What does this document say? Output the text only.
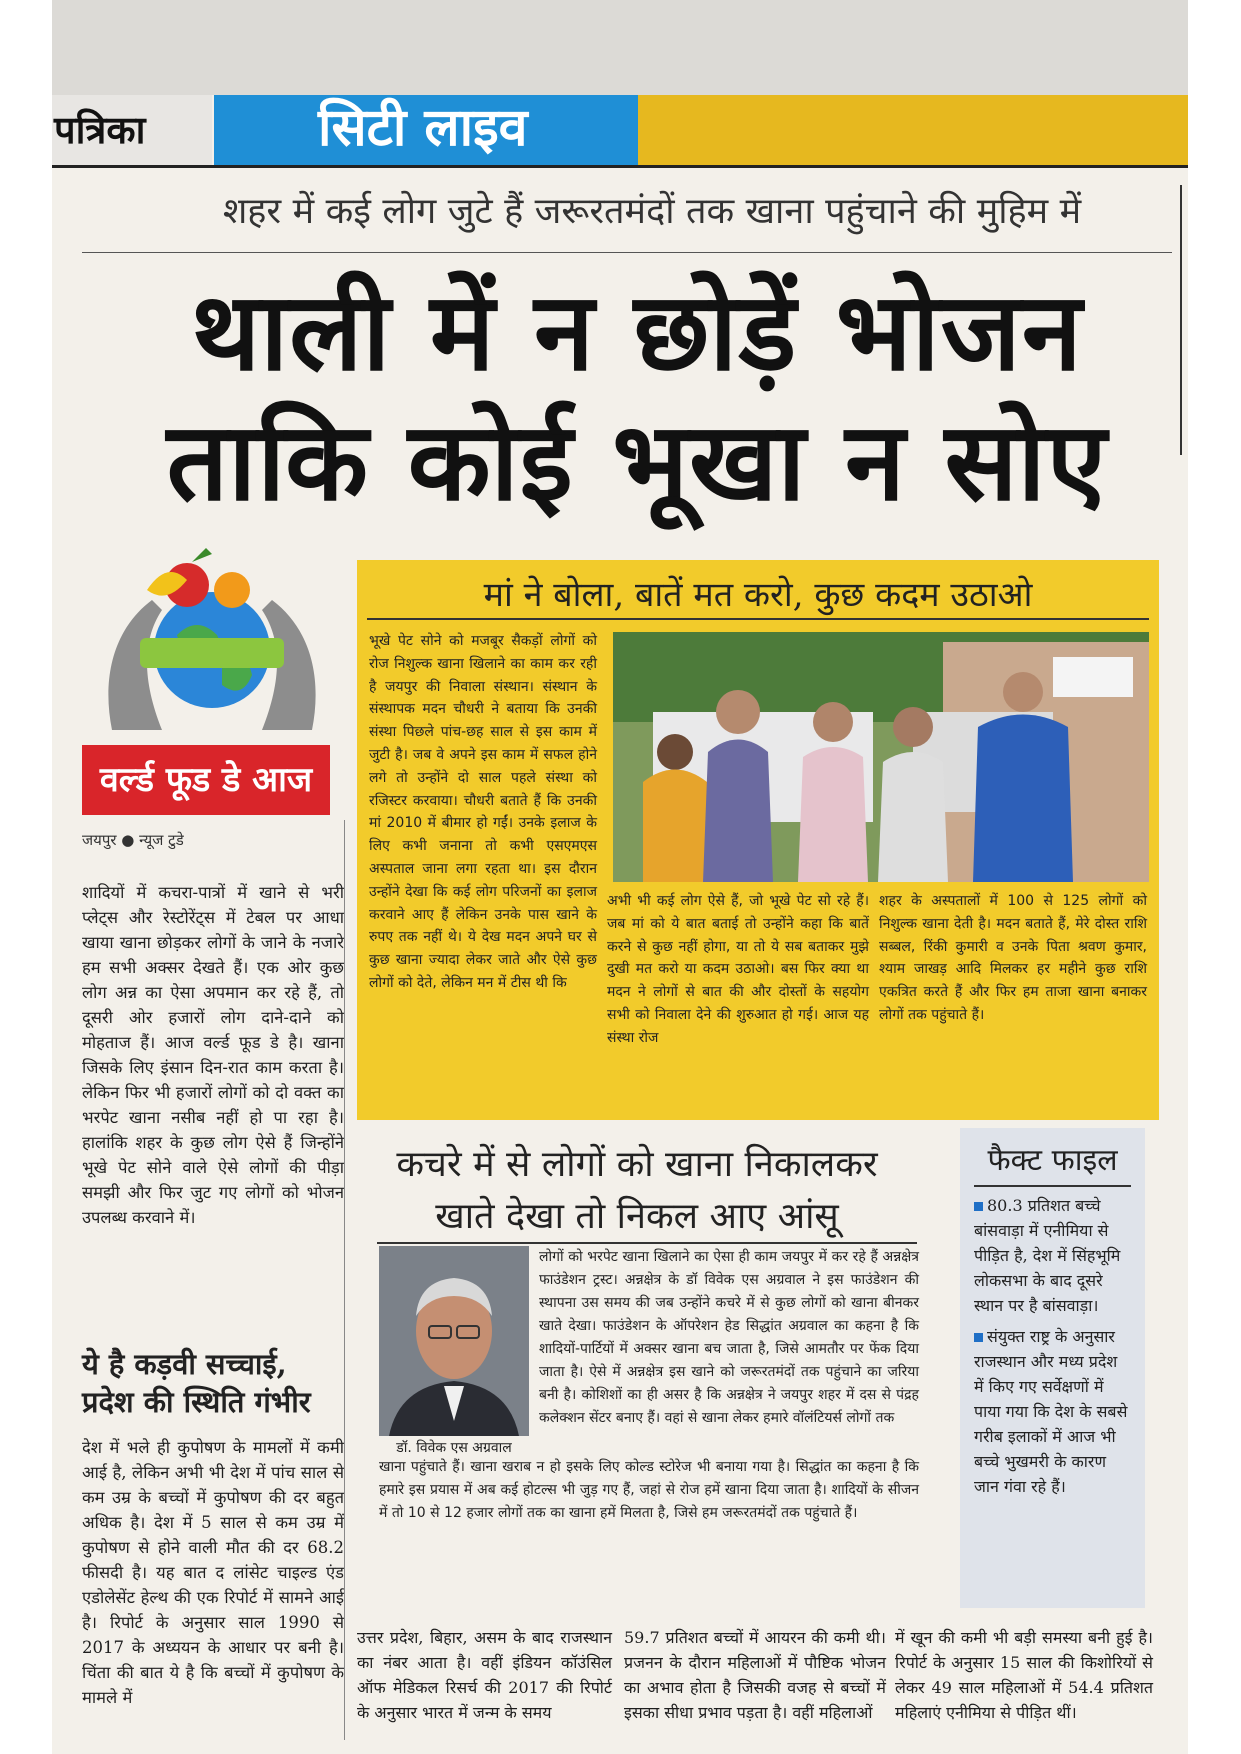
पत्रिका	सिटी लाइव
शहर में कई लोग जुटे हैं जरूरतमंदों तक खाना पहुंचाने की मुहिम में
थाली में न छोड़ें भोजन
ताकि कोई भूखा न सोए
वर्ल्ड फूड डे आज
जयपुर ● न्यूज टुडे
शादियों में कचरा-पात्रों में खाने से भरी प्लेट्स और रेस्टोरेंट्स में टेबल पर आधा खाया खाना छोड़कर लोगों के जाने के नजारे हम सभी अक्सर देखते हैं। एक ओर कुछ लोग अन्न का ऐसा अपमान कर रहे हैं, तो दूसरी ओर हजारों लोग दाने-दाने को मोहताज हैं। आज वर्ल्ड फूड डे है। खाना जिसके लिए इंसान दिन-रात काम करता है। लेकिन फिर भी हजारों लोगों को दो वक्त का भरपेट खाना नसीब नहीं हो पा रहा है। हालांकि शहर के कुछ लोग ऐसे हैं जिन्होंने भूखे पेट सोने वाले ऐसे लोगों की पीड़ा समझी और फिर जुट गए लोगों को भोजन उपलब्ध करवाने में।
ये है कड़वी सच्चाई, प्रदेश की स्थिति गंभीर
देश में भले ही कुपोषण के मामलों में कमी आई है, लेकिन अभी भी देश में पांच साल से कम उम्र के बच्चों में कुपोषण की दर बहुत अधिक है। देश में 5 साल से कम उम्र में कुपोषण से होने वाली मौत की दर 68.2 फीसदी है। यह बात द लांसेट चाइल्ड एंड एडोलेसेंट हेल्थ की एक रिपोर्ट में सामने आई है। रिपोर्ट के अनुसार साल 1990 से 2017 के अध्ययन के आधार पर बनी है। चिंता की बात ये है कि बच्चों में कुपोषण के मामले में
मां ने बोला, बातें मत करो, कुछ कदम उठाओ
भूखे पेट सोने को मजबूर सैकड़ों लोगों को रोज निशुल्क खाना खिलाने का काम कर रही है जयपुर की निवाला संस्थान। संस्थान के संस्थापक मदन चौधरी ने बताया कि उनकी संस्था पिछले पांच-छह साल से इस काम में जुटी है। जब वे अपने इस काम में सफल होने लगे तो उन्होंने दो साल पहले संस्था को रजिस्टर करवाया। चौधरी बताते हैं कि उनकी मां 2010 में बीमार हो गईं। उनके इलाज के लिए कभी जनाना तो कभी एसएमएस अस्पताल जाना लगा रहता था। इस दौरान उन्होंने देखा कि कई लोग परिजनों का इलाज करवाने आए हैं लेकिन उनके पास खाने के रुपए तक नहीं थे। ये देख मदन अपने घर से कुछ खाना ज्यादा लेकर जाते और ऐसे कुछ लोगों को देते, लेकिन मन में टीस थी कि
अभी भी कई लोग ऐसे हैं, जो भूखे पेट सो रहे हैं। जब मां को ये बात बताई तो उन्होंने कहा कि बातें करने से कुछ नहीं होगा, या तो ये सब बताकर मुझे दुखी मत करो या कदम उठाओ। बस फिर क्या था मदन ने लोगों से बात की और दोस्तों के सहयोग सभी को निवाला देने की शुरुआत हो गई। आज यह संस्था रोज
शहर के अस्पतालों में 100 से 125 लोगों को निशुल्क खाना देती है। मदन बताते हैं, मेरे दोस्त राशि सब्बल, रिंकी कुमारी व उनके पिता श्रवण कुमार, श्याम जाखड़ आदि मिलकर हर महीने कुछ राशि एकत्रित करते हैं और फिर हम ताजा खाना बनाकर लोगों तक पहुंचाते हैं।
कचरे में से लोगों को खाना निकालकर
खाते देखा तो निकल आए आंसू
डॉ. विवेक एस अग्रवाल
लोगों को भरपेट खाना खिलाने का ऐसा ही काम जयपुर में कर रहे हैं अन्नक्षेत्र फाउंडेशन ट्रस्ट। अन्नक्षेत्र के डॉ विवेक एस अग्रवाल ने इस फाउंडेशन की स्थापना उस समय की जब उन्होंने कचरे में से कुछ लोगों को खाना बीनकर खाते देखा। फाउंडेशन के ऑपरेशन हेड सिद्धांत अग्रवाल का कहना है कि शादियों-पार्टियों में अक्सर खाना बच जाता है, जिसे आमतौर पर फेंक दिया जाता है। ऐसे में अन्नक्षेत्र इस खाने को जरूरतमंदों तक पहुंचाने का जरिया बनी है। कोशिशों का ही असर है कि अन्नक्षेत्र ने जयपुर शहर में दस से पंद्रह कलेक्शन सेंटर बनाए हैं। वहां से खाना लेकर हमारे वॉलंटियर्स लोगों तक
खाना पहुंचाते हैं। खाना खराब न हो इसके लिए कोल्ड स्टोरेज भी बनाया गया है। सिद्धांत का कहना है कि हमारे इस प्रयास में अब कई होटल्स भी जुड़ गए हैं, जहां से रोज हमें खाना दिया जाता है। शादियों के सीजन में तो 10 से 12 हजार लोगों तक का खाना हमें मिलता है, जिसे हम जरूरतमंदों तक पहुंचाते हैं।
फैक्ट फाइल
80.3 प्रतिशत बच्चे बांसवाड़ा में एनीमिया से पीड़ित है, देश में सिंहभूमि लोकसभा के बाद दूसरे स्थान पर है बांसवाड़ा।
संयुक्त राष्ट्र के अनुसार राजस्थान और मध्य प्रदेश में किए गए सर्वेक्षणों में पाया गया कि देश के सबसे गरीब इलाकों में आज भी बच्चे भुखमरी के कारण जान गंवा रहे हैं।
उत्तर प्रदेश, बिहार, असम के बाद राजस्थान का नंबर आता है। वहीं इंडियन कॉउंसिल ऑफ मेडिकल रिसर्च की 2017 की रिपोर्ट के अनुसार भारत में जन्म के समय
59.7 प्रतिशत बच्चों में आयरन की कमी थी। प्रजनन के दौरान महिलाओं में पौष्टिक भोजन का अभाव होता है जिसकी वजह से बच्चों में इसका सीधा प्रभाव पड़ता है। वहीं महिलाओं
में खून की कमी भी बड़ी समस्या बनी हुई है। रिपोर्ट के अनुसार 15 साल की किशोरियों से लेकर 49 साल महिलाओं में 54.4 प्रतिशत महिलाएं एनीमिया से पीड़ित थीं।
